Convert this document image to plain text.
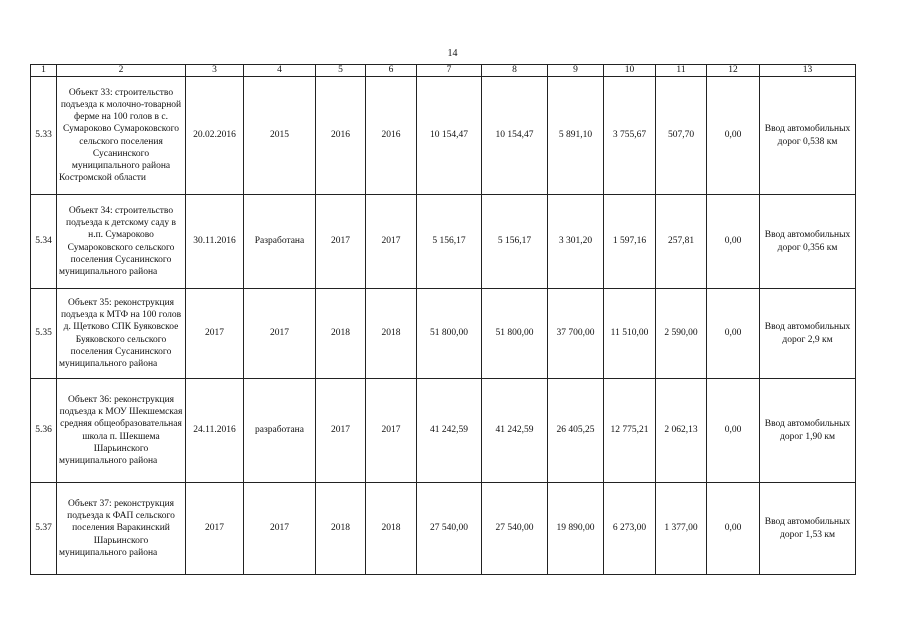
14
1	2	3	4	5	6	7	8	9	10	11	12	13
5.33	Объект 33: строительство подъезда к молочно-товарной ферме на 100 голов в с. Сумароково Сумароковского сельского поселения Сусанинского муниципального района Костромской области	20.02.2016	2015	2016	2016	10 154,47	10 154,47	5 891,10	3 755,67	507,70	0,00	Ввод автомобильных дорог 0,538 км
5.34	Объект 34: строительство подъезда к детскому саду в н.п. Сумароково Сумароковского сельского поселения Сусанинского муниципального района	30.11.2016	Разработана	2017	2017	5 156,17	5 156,17	3 301,20	1 597,16	257,81	0,00	Ввод автомобильных дорог 0,356 км
5.35	Объект 35: реконструкция подъезда к МТФ на 100 голов д. Щетково СПК Буяковское Буяковского сельского поселения Сусанинского муниципального района	2017	2017	2018	2018	51 800,00	51 800,00	37 700,00	11 510,00	2 590,00	0,00	Ввод автомобильных дорог 2,9 км
5.36	Объект 36: реконструкция подъезда к МОУ Шекшемская средняя общеобразовательная школа п. Шекшема Шарьинского муниципального района	24.11.2016	разработана	2017	2017	41 242,59	41 242,59	26 405,25	12 775,21	2 062,13	0,00	Ввод автомобильных дорог 1,90 км
5.37	Объект 37: реконструкция подъезда к ФАП сельского поселения Варакинский Шарьинского муниципального района	2017	2017	2018	2018	27 540,00	27 540,00	19 890,00	6 273,00	1 377,00	0,00	Ввод автомобильных дорог 1,53 км
